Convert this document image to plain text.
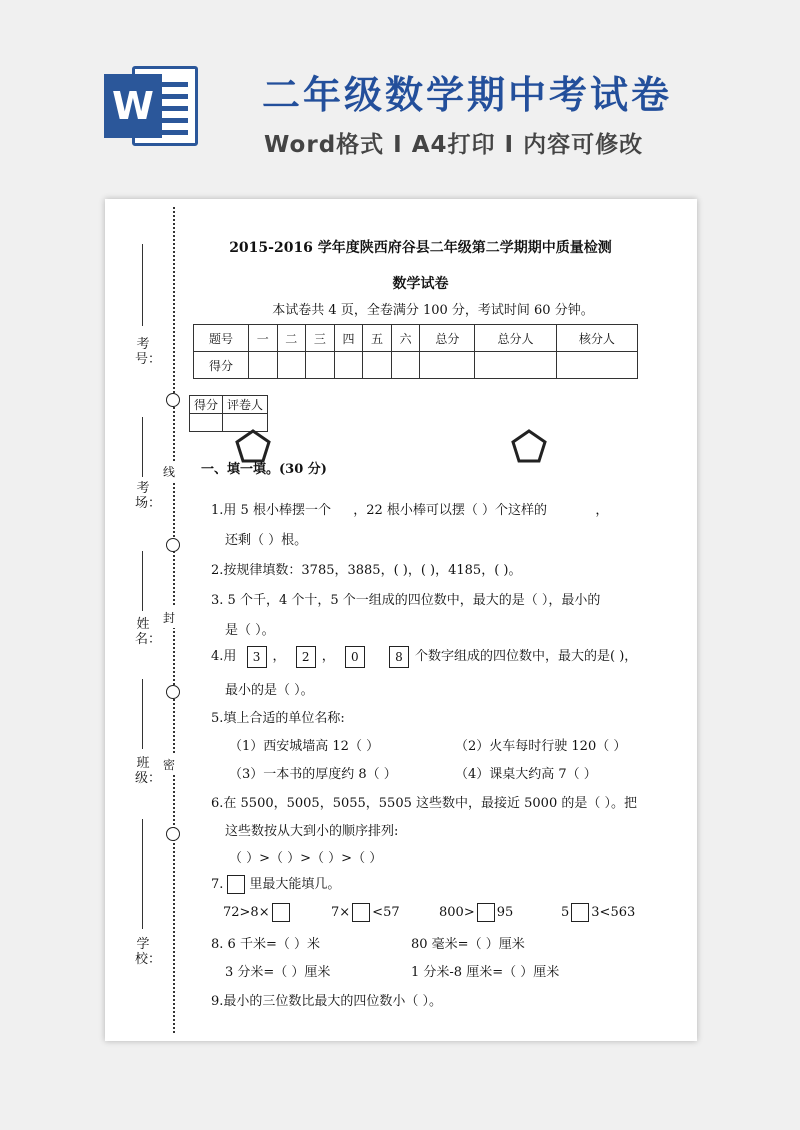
W	二年级数学期中考试卷
Word格式 I A4打印 I 内容可修改
线
封
密
考号：
考场：
姓名：
班级：
学校：
2015-2016 学年度陕西府谷县二年级第二学期期中质量检测
数学试卷
本试卷共 4 页，全卷满分 100 分，考试时间 60 分钟。
题号	一	二	三	四	五	六	总分	总分人	核分人
得分									
得分	评卷人

一、填一填。(30 分)
1.用 5 根小棒摆一个 ，22 根小棒可以摆（ ）个这样的	，
还剩（ ）根。
2.按规律填数：3785，3885，( )，( )，4185，( )。
3. 5 个千，4 个十，5 个一组成的四位数中，最大的是（ ），最小的
是（ ）。
4.用 3 ， 2 ， 0	8 个数字组成的四位数中，最大的是( )，
最小的是（ ）。
5.填上合适的单位名称:
（1）西安城墙高 12（ ）	（2）火车每时行驶 120（ ）
（3）一本书的厚度约 8（ ）	（4）课桌大约高 7（ ）
6.在 5500，5005，5055，5505 这些数中，最接近 5000 的是（ ）。把
这些数按从大到小的顺序排列:
（ ）>（ ）>（ ）>（ ）
7. 里最大能填几。
72>8×	7× <57	800> 95	5 3<563
8. 6 千米=（ ）米	80 毫米=（ ）厘米
3 分米=（ ）厘米	1 分米-8 厘米=（ ）厘米
9.最小的三位数比最大的四位数小（ ）。
